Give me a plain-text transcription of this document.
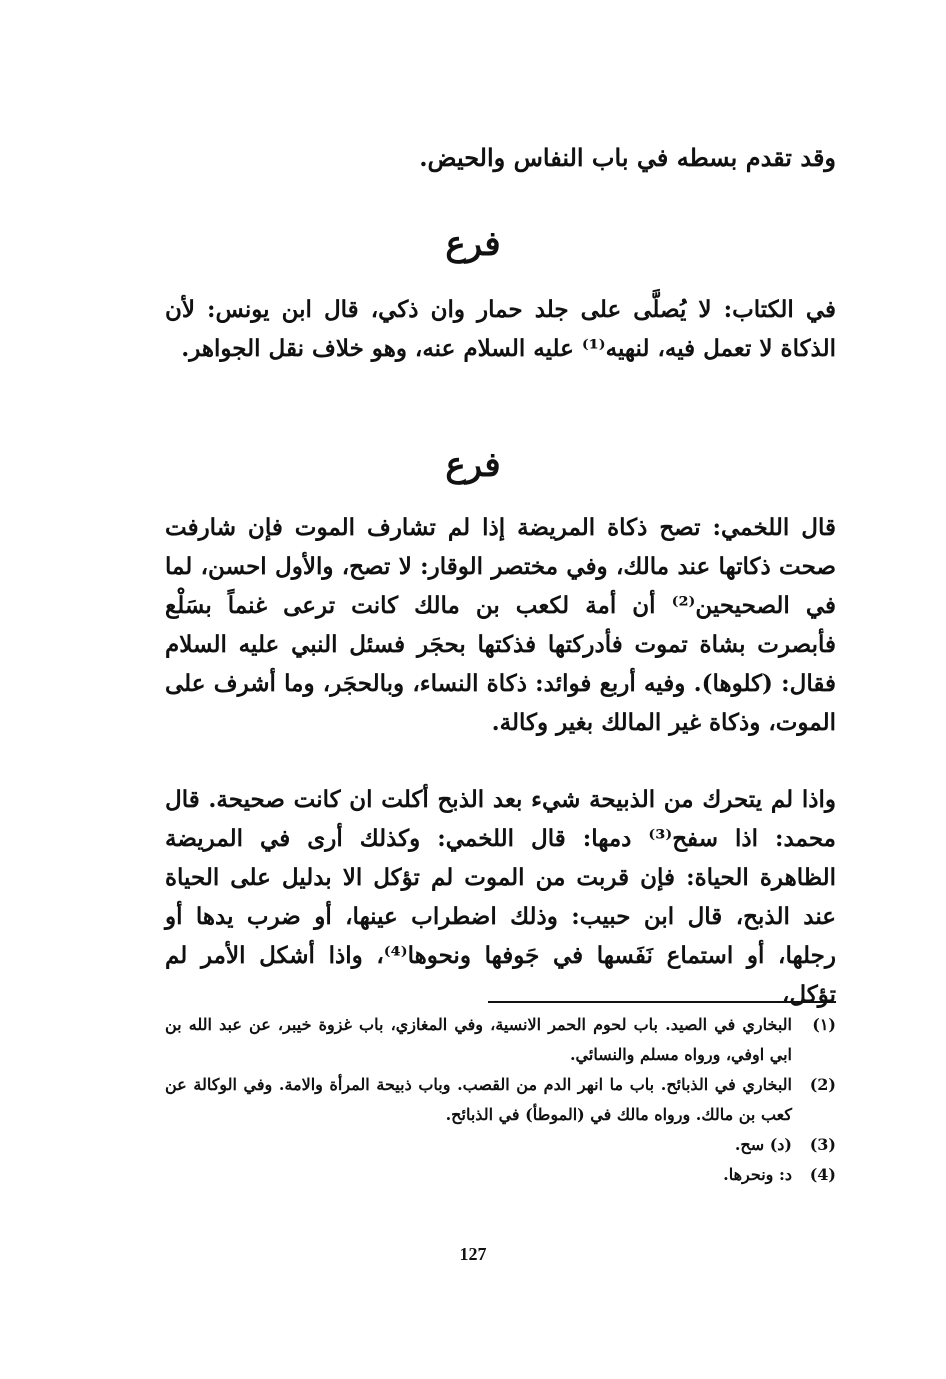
وقد تقدم بسطه في باب النفاس والحيض.
فرع
في الكتاب: لا يُصلَّى على جلد حمار وان ذكي، قال ابن يونس: لأن الذكاة لا تعمل فيه، لنهيه⁽¹⁾ عليه السلام عنه، وهو خلاف نقل الجواهر.
فرع
قال اللخمي: تصح ذكاة المريضة إذا لم تشارف الموت فإن شارفت صحت ذكاتها عند مالك، وفي مختصر الوقار: لا تصح، والأول احسن، لما في الصحيحين⁽²⁾ أن أمة لكعب بن مالك كانت ترعى غنماً بسَلْع فأبصرت بشاة تموت فأدركتها فذكتها بحجَر فسئل النبي عليه السلام فقال: (كلوها). وفيه أربع فوائد: ذكاة النساء، وبالحجَر، وما أشرف على الموت، وذكاة غير المالك بغير وكالة.
واذا لم يتحرك من الذبيحة شيء بعد الذبح أكلت ان كانت صحيحة. قال محمد: اذا سفح⁽³⁾ دمها: قال اللخمي: وكذلك أرى في المريضة الظاهرة الحياة: فإن قربت من الموت لم تؤكل الا بدليل على الحياة عند الذبح، قال ابن حبيب: وذلك اضطراب عينها، أو ضرب يدها أو رجلها، أو استماع نَفَسها في جَوفها ونحوها⁽⁴⁾، واذا أشكل الأمر لم تؤكل،
(١)
البخاري في الصيد. باب لحوم الحمر الانسية، وفي المغازي، باب غزوة خيبر، عن عبد الله بن ابي اوفي، ورواه مسلم والنسائي.
(2)
البخاري في الذبائح. باب ما انهر الدم من القصب. وباب ذبيحة المرأة والامة. وفي الوكالة عن كعب بن مالك. ورواه مالك في (الموطأ) في الذبائح.
(3)
(د) سح.
(4)
د: ونحرها.
127
